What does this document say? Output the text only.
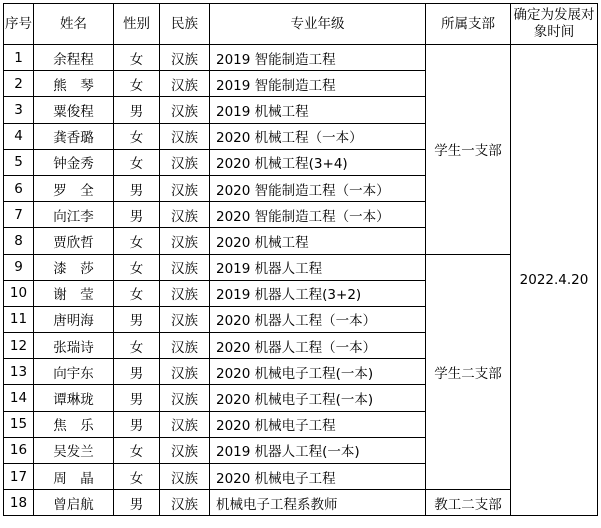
序号	姓名	性别	民族	专业年级	所属支部	确定为发展对象时间
1	余程程	女	汉族	2019 智能制造工程	学生一支部	2022.4.20
2	熊　琴	女	汉族	2019 智能制造工程		
3	粟俊程	男	汉族	2019 机械工程		
4	龚香璐	女	汉族	2020 机械工程（一本）		
5	钟金秀	女	汉族	2020 机械工程(3+4)		
6	罗　全	男	汉族	2020 智能制造工程（一本）		
7	向江李	男	汉族	2020 智能制造工程（一本）		
8	贾欣哲	女	汉族	2020 机械工程		
9	漆　莎	女	汉族	2019 机器人工程	学生二支部	
10	谢　莹	女	汉族	2019 机器人工程(3+2)		
11	唐明海	男	汉族	2020 机器人工程（一本）		
12	张瑞诗	女	汉族	2020 机器人工程（一本）		
13	向宇东	男	汉族	2020 机械电子工程(一本)		
14	谭琳珑	男	汉族	2020 机械电子工程(一本)		
15	焦　乐	男	汉族	2020 机械电子工程		
16	吴发兰	女	汉族	2019 机器人工程(一本)		
17	周　晶	女	汉族	2020 机械电子工程		
18	曾启航	男	汉族	机械电子工程系教师	教工二支部	
